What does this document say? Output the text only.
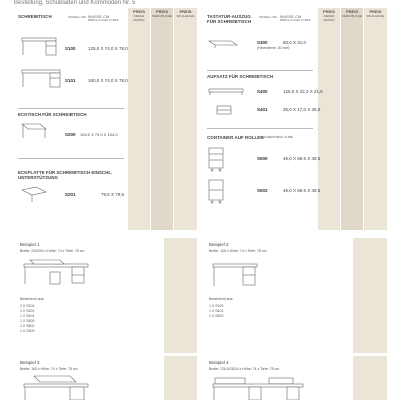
Bestellung, Schubladen und Kommoden Nr. 5
PREIS
KIEFER MASSIV
PREIS
KERN-BUCHE
PREIS
WILD-EICHE
SCHREIBTISCH	MODELL-NR. MASSE CM
BREITE X HÖHE X TIEFE
S100	125,0 X 74,0 X 78,0
S101	160,0 X 74,0 X 78,0
ECKTISCH FÜR SCHREIBTISCH
S200 104,0 X 74,0 X 104,0
ECKPLATTE FÜR SCHREIBTISCH EINSCHL. UNTERSTÜTZUNG
S201	79,5 X 79,5
PREIS
KIEFER MASSIV
PREIS
KERN-BUCHE
PREIS
WILD-EICHE
TASTATUR-AUSZUG FÜR SCHREIBTISCH
MODELL-NR. MASSE CM
BREITE X HÖHE X TIEFE
S300	60,0 X 31,0
(Heizwärme: 20 mm)
AUFSATZ FÜR SCHREIBTISCH
S400	125,0 X 22,3 X 21,6
S401	35,0 X 17,0 X 35,0
CONTAINER AUF ROLLEN
(HÖLZERSTÄRKE: 22 MM)
S500	46,0 X 68,5 X 48,5
S502	46,0 X 68,5 X 48,5
Beispiel 1
Breite: 204/204 x Höhe: 74 x Tiefe: 78 cm
Bestehend aus:
2 X S100
1 X S201
1 X S401
1 X S500
1 X S502
1 X S300
Beispiel 2
Breite: 125 x Höhe: 74 x Tiefe: 78 cm
Bestehend aus:
1 X S100
1 X S401
1 X S500
Beispiel 3
Breite: 160 x Höhe: 74 x Tiefe: 78 cm
Beispiel 4
Breite: 228,5/263,5 x Höhe: 74 x Tiefe: 78 cm
